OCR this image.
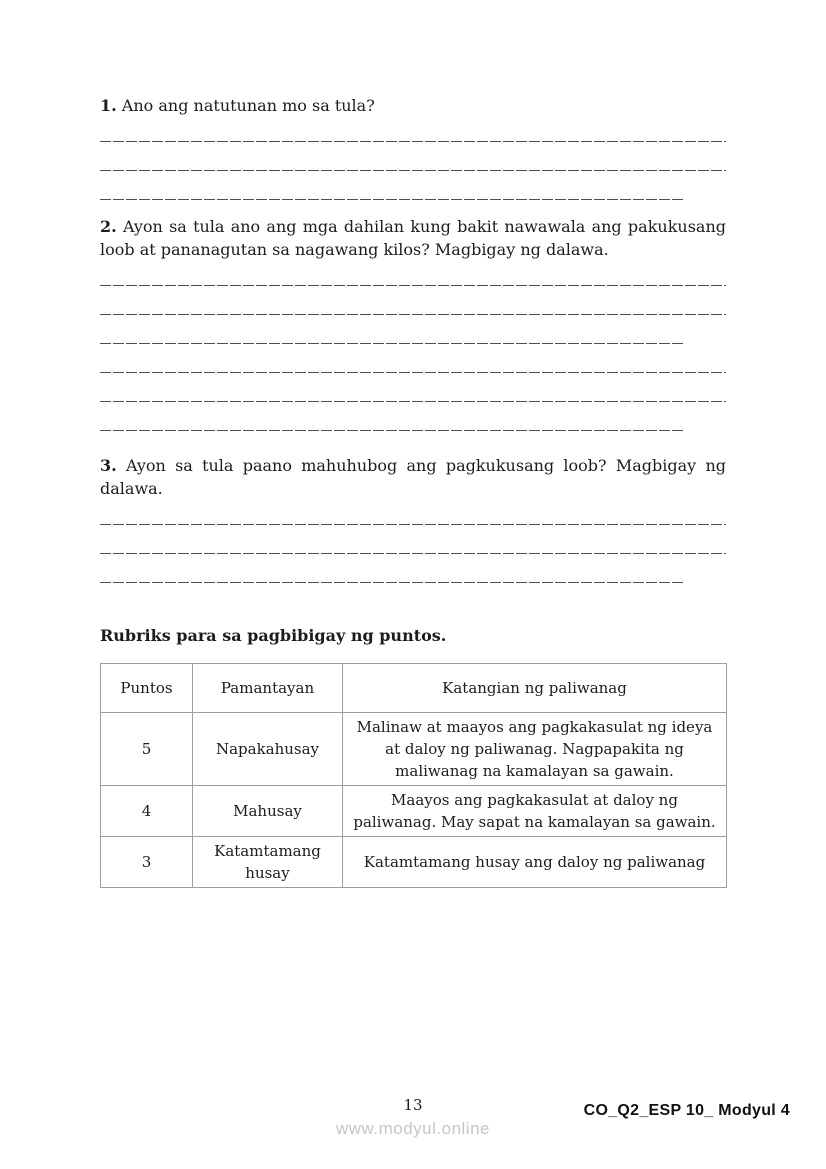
1. Ano ang natutunan mo sa tula?

2. Ayon sa tula ano ang mga dahilan kung bakit nawawala ang pakukusang loob at pananagutan sa nagawang kilos? Magbigay ng dalawa.

3. Ayon sa tula paano mahuhubog ang pagkukusang loob? Magbigay ng dalawa.

Rubriks para sa pagbibigay ng puntos.

Puntos	Pamantayan	Katangian ng paliwanag
5	Napakahusay	Malinaw at maayos ang pagkakasulat ng ideya at daloy ng paliwanag. Nagpapakita ng maliwanag na kamalayan sa gawain.
4	Mahusay	Maayos ang pagkakasulat at daloy ng paliwanag. May sapat na kamalayan sa gawain.
3	Katamtamang husay	Katamtamang husay ang daloy ng paliwanag
13
www.modyul.online
CO_Q2_ESP 10_ Modyul 4
